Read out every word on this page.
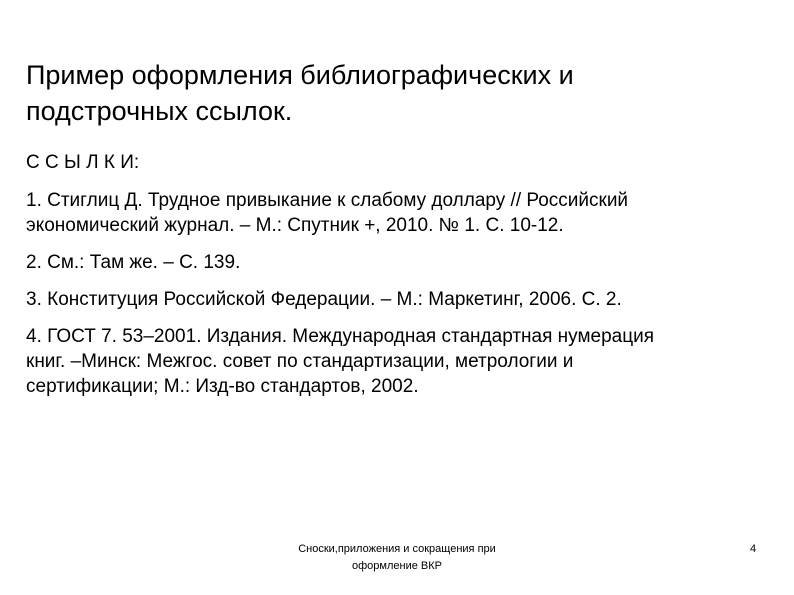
Пример оформления библиографических и
подстрочных ссылок.
С С Ы Л К И:
1. Стиглиц Д. Трудное привыкание к слабому доллару // Российский
экономический журнал. – М.: Спутник +, 2010. № 1. С. 10-12.
2. См.: Там же. – С. 139.
3. Конституция Российской Федерации. – М.: Маркетинг, 2006. С. 2.
4. ГОСТ 7. 53–2001. Издания. Международная стандартная нумерация
книг. –Минск: Межгос. совет по стандартизации, метрологии и
сертификации; М.: Изд-во стандартов, 2002.
Сноски,приложения и сокращения при
оформление ВКР
4
